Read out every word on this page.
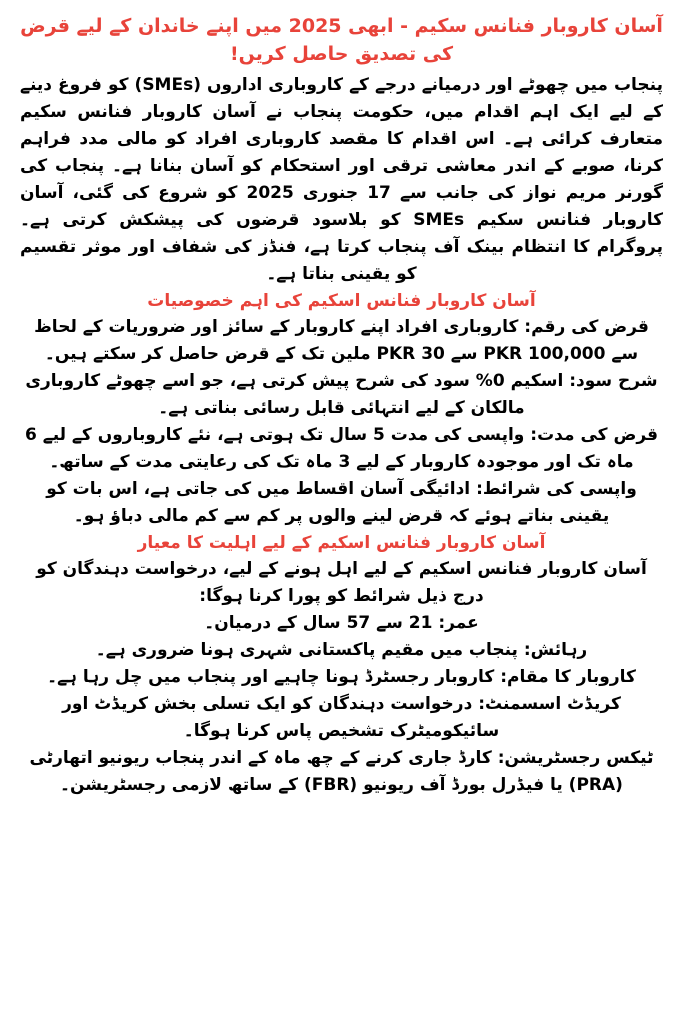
آسان کاروبار فنانس سکیم - ابھی 2025 میں اپنے خاندان کے لیے قرض کی تصدیق حاصل کریں!

پنجاب میں چھوٹے اور درمیانے درجے کے کاروباری اداروں (SMEs) کو فروغ دینے کے لیے ایک اہم اقدام میں، حکومت پنجاب نے آسان کاروبار فنانس سکیم متعارف کرائی ہے۔ اس اقدام کا مقصد کاروباری افراد کو مالی مدد فراہم کرنا، صوبے کے اندر معاشی ترقی اور استحکام کو آسان بنانا ہے۔ پنجاب کی گورنر مریم نواز کی جانب سے 17 جنوری 2025 کو شروع کی گئی، آسان کاروبار فنانس سکیم SMEs کو بلاسود قرضوں کی پیشکش کرتی ہے۔ پروگرام کا انتظام بینک آف پنجاب کرتا ہے، فنڈز کی شفاف اور موثر تقسیم کو یقینی بناتا ہے۔

آسان کاروبار فنانس اسکیم کی اہم خصوصیات

قرض کی رقم: کاروباری افراد اپنے کاروبار کے سائز اور ضروریات کے لحاظ سے PKR 100,000 سے PKR 30 ملین تک کے قرض حاصل کر سکتے ہیں۔

شرح سود: اسکیم 0% سود کی شرح پیش کرتی ہے، جو اسے چھوٹے کاروباری مالکان کے لیے انتہائی قابل رسائی بناتی ہے۔

قرض کی مدت: واپسی کی مدت 5 سال تک ہوتی ہے، نئے کاروباروں کے لیے 6 ماہ تک اور موجودہ کاروبار کے لیے 3 ماہ تک کی رعایتی مدت کے ساتھ۔

واپسی کی شرائط: ادائیگی آسان اقساط میں کی جاتی ہے، اس بات کو یقینی بناتے ہوئے کہ قرض لینے والوں پر کم سے کم مالی دباؤ ہو۔

آسان کاروبار فنانس اسکیم کے لیے اہلیت کا معیار

آسان کاروبار فنانس اسکیم کے لیے اہل ہونے کے لیے، درخواست دہندگان کو درج ذیل شرائط کو پورا کرنا ہوگا:

عمر: 21 سے 57 سال کے درمیان۔

رہائش: پنجاب میں مقیم پاکستانی شہری ہونا ضروری ہے۔

کاروبار کا مقام: کاروبار رجسٹرڈ ہونا چاہیے اور پنجاب میں چل رہا ہے۔

کریڈٹ اسسمنٹ: درخواست دہندگان کو ایک تسلی بخش کریڈٹ اور سائیکومیٹرک تشخیص پاس کرنا ہوگا۔

ٹیکس رجسٹریشن: کارڈ جاری کرنے کے چھ ماہ کے اندر پنجاب ریونیو اتھارٹی (PRA) یا فیڈرل بورڈ آف ریونیو (FBR) کے ساتھ لازمی رجسٹریشن۔
